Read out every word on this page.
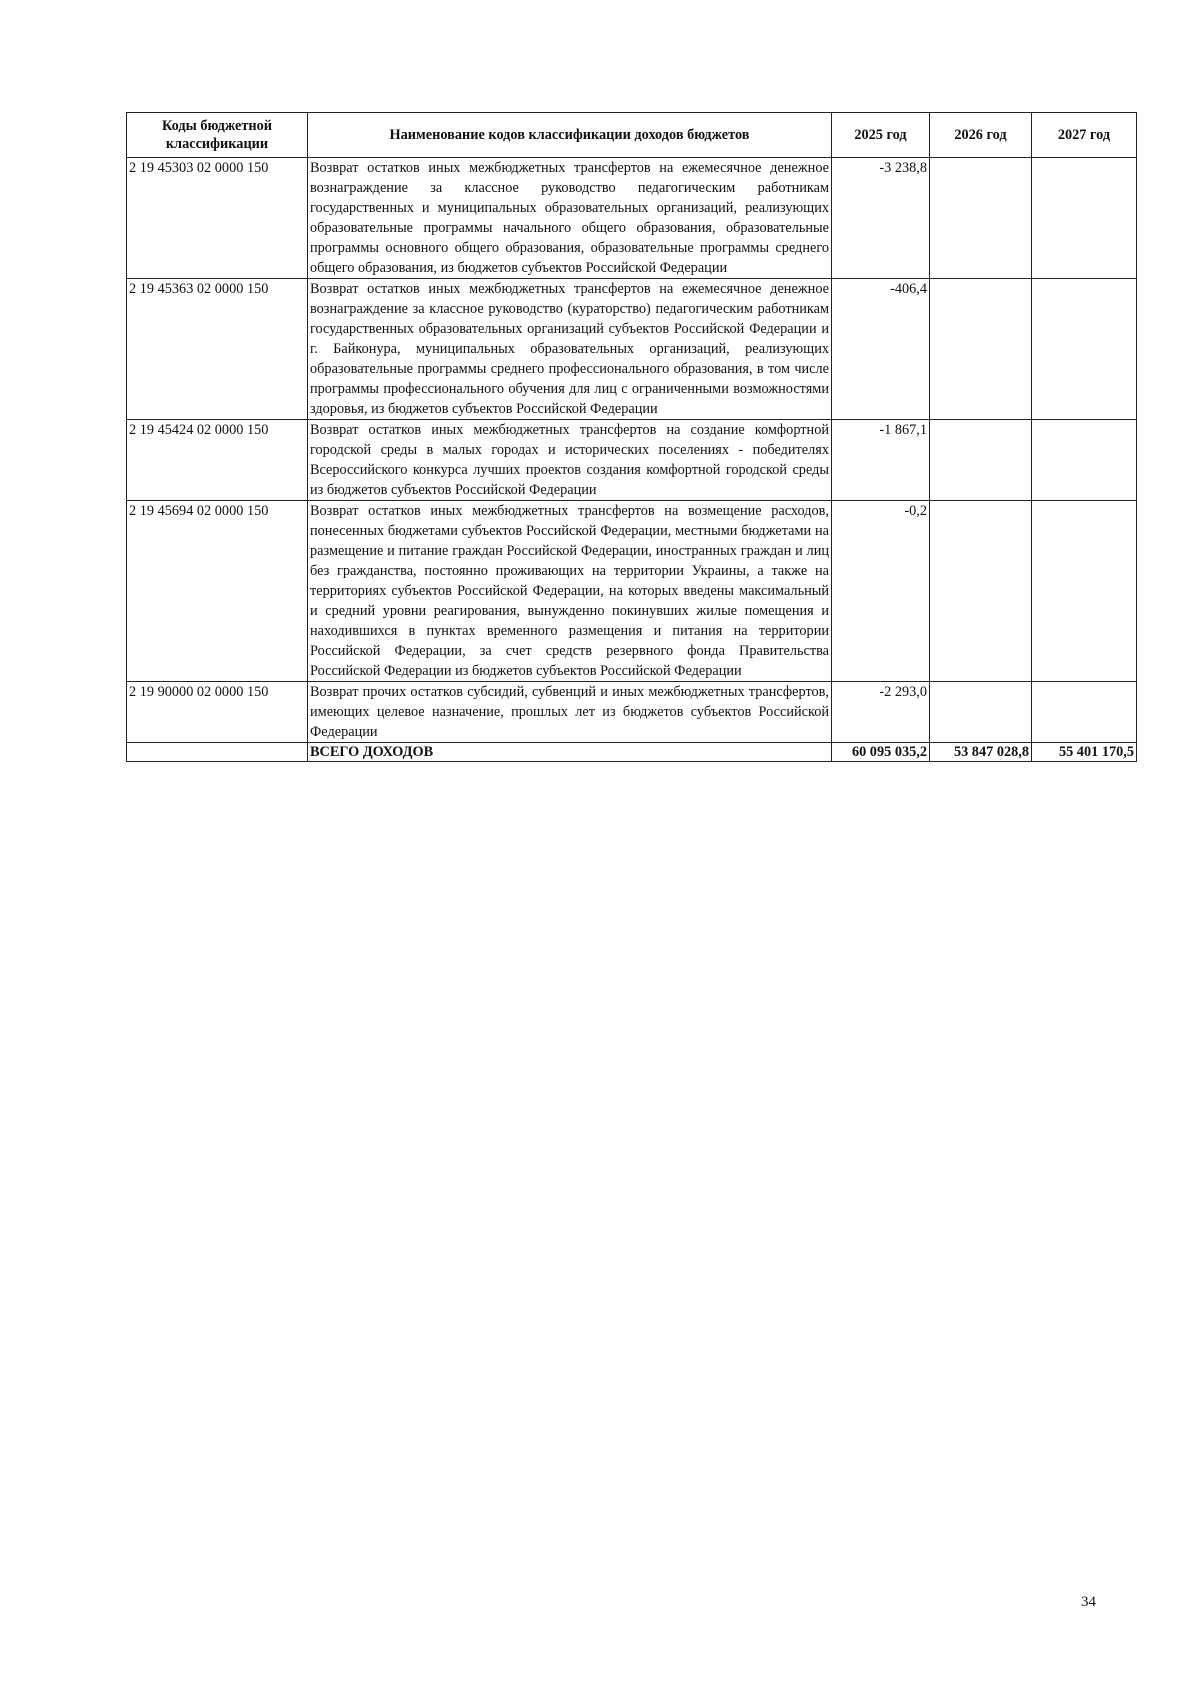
Коды бюджетной классификации	Наименование кодов классификации доходов бюджетов	2025 год	2026 год	2027 год
2 19 45303 02 0000 150	Возврат остатков иных межбюджетных трансфертов на ежемесячное денежное вознаграждение за классное руководство педагогическим работникам государственных и муниципальных образовательных организаций, реализующих образовательные программы начального общего образования, образовательные программы основного общего образования, образовательные программы среднего общего образования, из бюджетов субъектов Российской Федерации	-3 238,8		
2 19 45363 02 0000 150	Возврат остатков иных межбюджетных трансфертов на ежемесячное денежное вознаграждение за классное руководство (кураторство) педагогическим работникам государственных образовательных организаций субъектов Российской Федерации и г. Байконура, муниципальных образовательных организаций, реализующих образовательные программы среднего профессионального образования, в том числе программы профессионального обучения для лиц с ограниченными возможностями здоровья, из бюджетов субъектов Российской Федерации	-406,4		
2 19 45424 02 0000 150	Возврат остатков иных межбюджетных трансфертов на создание комфортной городской среды в малых городах и исторических поселениях - победителях Всероссийского конкурса лучших проектов создания комфортной городской среды из бюджетов субъектов Российской Федерации	-1 867,1		
2 19 45694 02 0000 150	Возврат остатков иных межбюджетных трансфертов на возмещение расходов, понесенных бюджетами субъектов Российской Федерации, местными бюджетами на размещение и питание граждан Российской Федерации, иностранных граждан и лиц без гражданства, постоянно проживающих на территории Украины, а также на территориях субъектов Российской Федерации, на которых введены максимальный и средний уровни реагирования, вынужденно покинувших жилые помещения и находившихся в пунктах временного размещения и питания на территории Российской Федерации, за счет средств резервного фонда Правительства Российской Федерации из бюджетов субъектов Российской Федерации	-0,2		
2 19 90000 02 0000 150	Возврат прочих остатков субсидий, субвенций и иных межбюджетных трансфертов, имеющих целевое назначение, прошлых лет из бюджетов субъектов Российской Федерации	-2 293,0		
	ВСЕГО ДОХОДОВ	60 095 035,2	53 847 028,8	55 401 170,5
34
